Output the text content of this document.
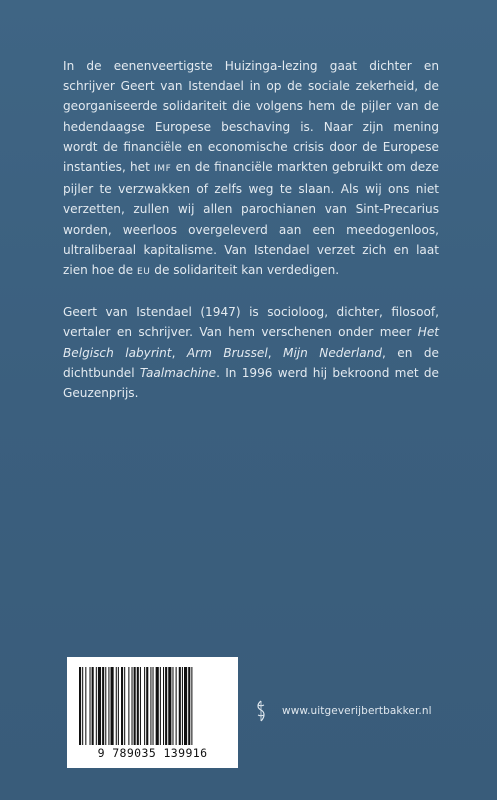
In de eenenveertigste Huizinga-lezing gaat dichter en schrijver Geert van Istendael in op de sociale zekerheid, de georganiseerde solidariteit die volgens hem de pijler van de hedendaagse Europese beschaving is. Naar zijn mening wordt de financiële en economische crisis door de Europese instanties, het IMF en de financiële markten gebruikt om deze pijler te verzwakken of zelfs weg te slaan. Als wij ons niet verzetten, zullen wij allen parochianen van Sint-Precarius worden, weerloos overgeleverd aan een meedogenloos, ultraliberaal kapitalisme. Van Istendael verzet zich en laat zien hoe de EU de solidariteit kan verdedigen.

Geert van Istendael (1947) is socioloog, dichter, filosoof, vertaler en schrijver. Van hem verschenen onder meer Het Belgisch labyrint, Arm Brussel, Mijn Nederland, en de dichtbundel Taalmachine. In 1996 werd hij bekroond met de Geuzenprijs.

9 789035 139916
www.uitgeverijbertbakker.nl
